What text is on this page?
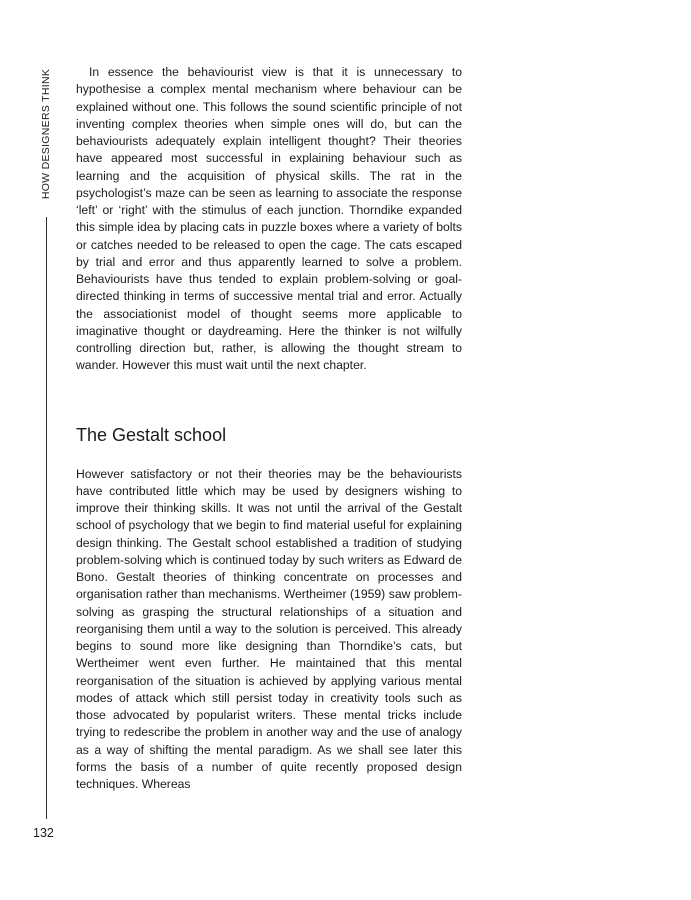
HOW DESIGNERS THINK
132

In essence the behaviourist view is that it is unnecessary to hypothesise a complex mental mechanism where behaviour can be explained without one. This follows the sound scientific principle of not inventing complex theories when simple ones will do, but can the behaviourists adequately explain intelligent thought? Their theories have appeared most successful in explaining behaviour such as learning and the acquisition of physical skills. The rat in the psychologist’s maze can be seen as learning to associate the response ‘left’ or ‘right’ with the stimulus of each junction. Thorndike expanded this simple idea by placing cats in puzzle boxes where a variety of bolts or catches needed to be released to open the cage. The cats escaped by trial and error and thus apparently learned to solve a problem. Behaviourists have thus tended to explain problem-solving or goal-directed thinking in terms of successive mental trial and error. Actually the associationist model of thought seems more applicable to imaginative thought or daydreaming. Here the thinker is not wilfully controlling direction but, rather, is allowing the thought stream to wander. However this must wait until the next chapter.

The Gestalt school

However satisfactory or not their theories may be the behaviourists have contributed little which may be used by designers wishing to improve their thinking skills. It was not until the arrival of the Gestalt school of psychology that we begin to find material useful for explaining design thinking. The Gestalt school established a tradition of studying problem-solving which is continued today by such writers as Edward de Bono. Gestalt theories of thinking concentrate on processes and organisation rather than mechanisms. Wertheimer (1959) saw problem-solving as grasping the structural relationships of a situation and reorganising them until a way to the solution is perceived. This already begins to sound more like designing than Thorndike’s cats, but Wertheimer went even further. He maintained that this mental reorganisation of the situation is achieved by applying various mental modes of attack which still persist today in creativity tools such as those advocated by popularist writers. These mental tricks include trying to redescribe the problem in another way and the use of analogy as a way of shifting the mental paradigm. As we shall see later this forms the basis of a number of quite recently proposed design techniques. Whereas
